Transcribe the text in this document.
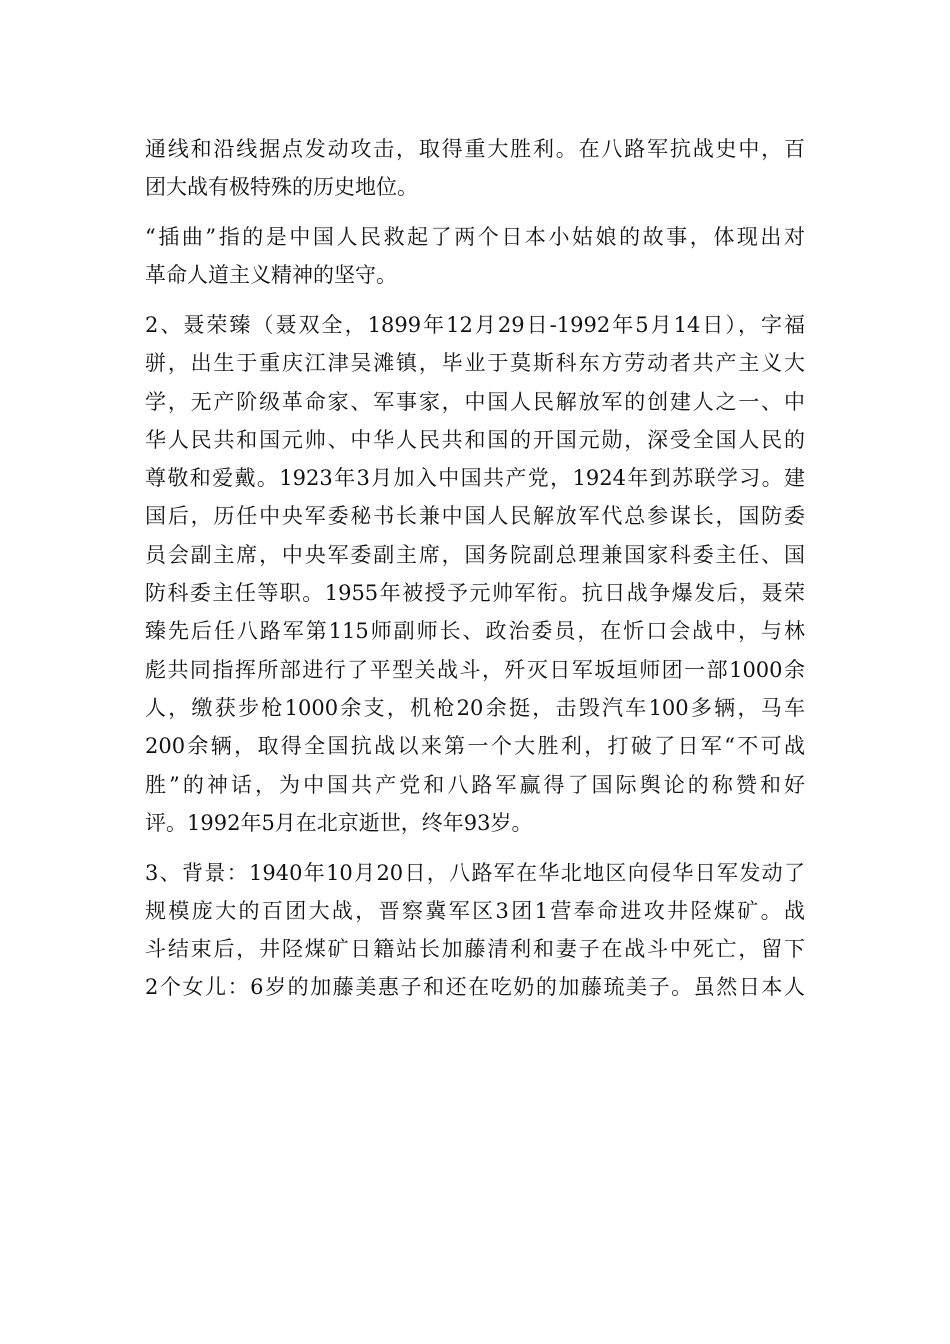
通线和沿线据点发动攻击，取得重大胜利。在八路军抗战史中，百
团大战有极特殊的历史地位。
“插曲”指的是中国人民救起了两个日本小姑娘的故事，体现出对
革命人道主义精神的坚守。
2、聂荣臻（聂双全，1899年12月29日-1992年5月14日），字福
骈，出生于重庆江津吴滩镇，毕业于莫斯科东方劳动者共产主义大
学，无产阶级革命家、军事家，中国人民解放军的创建人之一、中
华人民共和国元帅、中华人民共和国的开国元勋，深受全国人民的
尊敬和爱戴。1923年3月加入中国共产党，1924年到苏联学习。建
国后，历任中央军委秘书长兼中国人民解放军代总参谋长，国防委
员会副主席，中央军委副主席，国务院副总理兼国家科委主任、国
防科委主任等职。1955年被授予元帅军衔。抗日战争爆发后，聂荣
臻先后任八路军第115师副师长、政治委员，在忻口会战中，与林
彪共同指挥所部进行了平型关战斗，歼灭日军坂垣师团一部1000余
人，缴获步枪1000余支，机枪20余挺，击毁汽车100多辆，马车
200余辆，取得全国抗战以来第一个大胜利，打破了日军“不可战
胜”的神话，为中国共产党和八路军赢得了国际舆论的称赞和好
评。1992年5月在北京逝世，终年93岁。
3、背景：1940年10月20日，八路军在华北地区向侵华日军发动了
规模庞大的百团大战，晋察冀军区3团1营奉命进攻井陉煤矿。战
斗结束后，井陉煤矿日籍站长加藤清利和妻子在战斗中死亡，留下
2个女儿：6岁的加藤美惠子和还在吃奶的加藤琉美子。虽然日本人
